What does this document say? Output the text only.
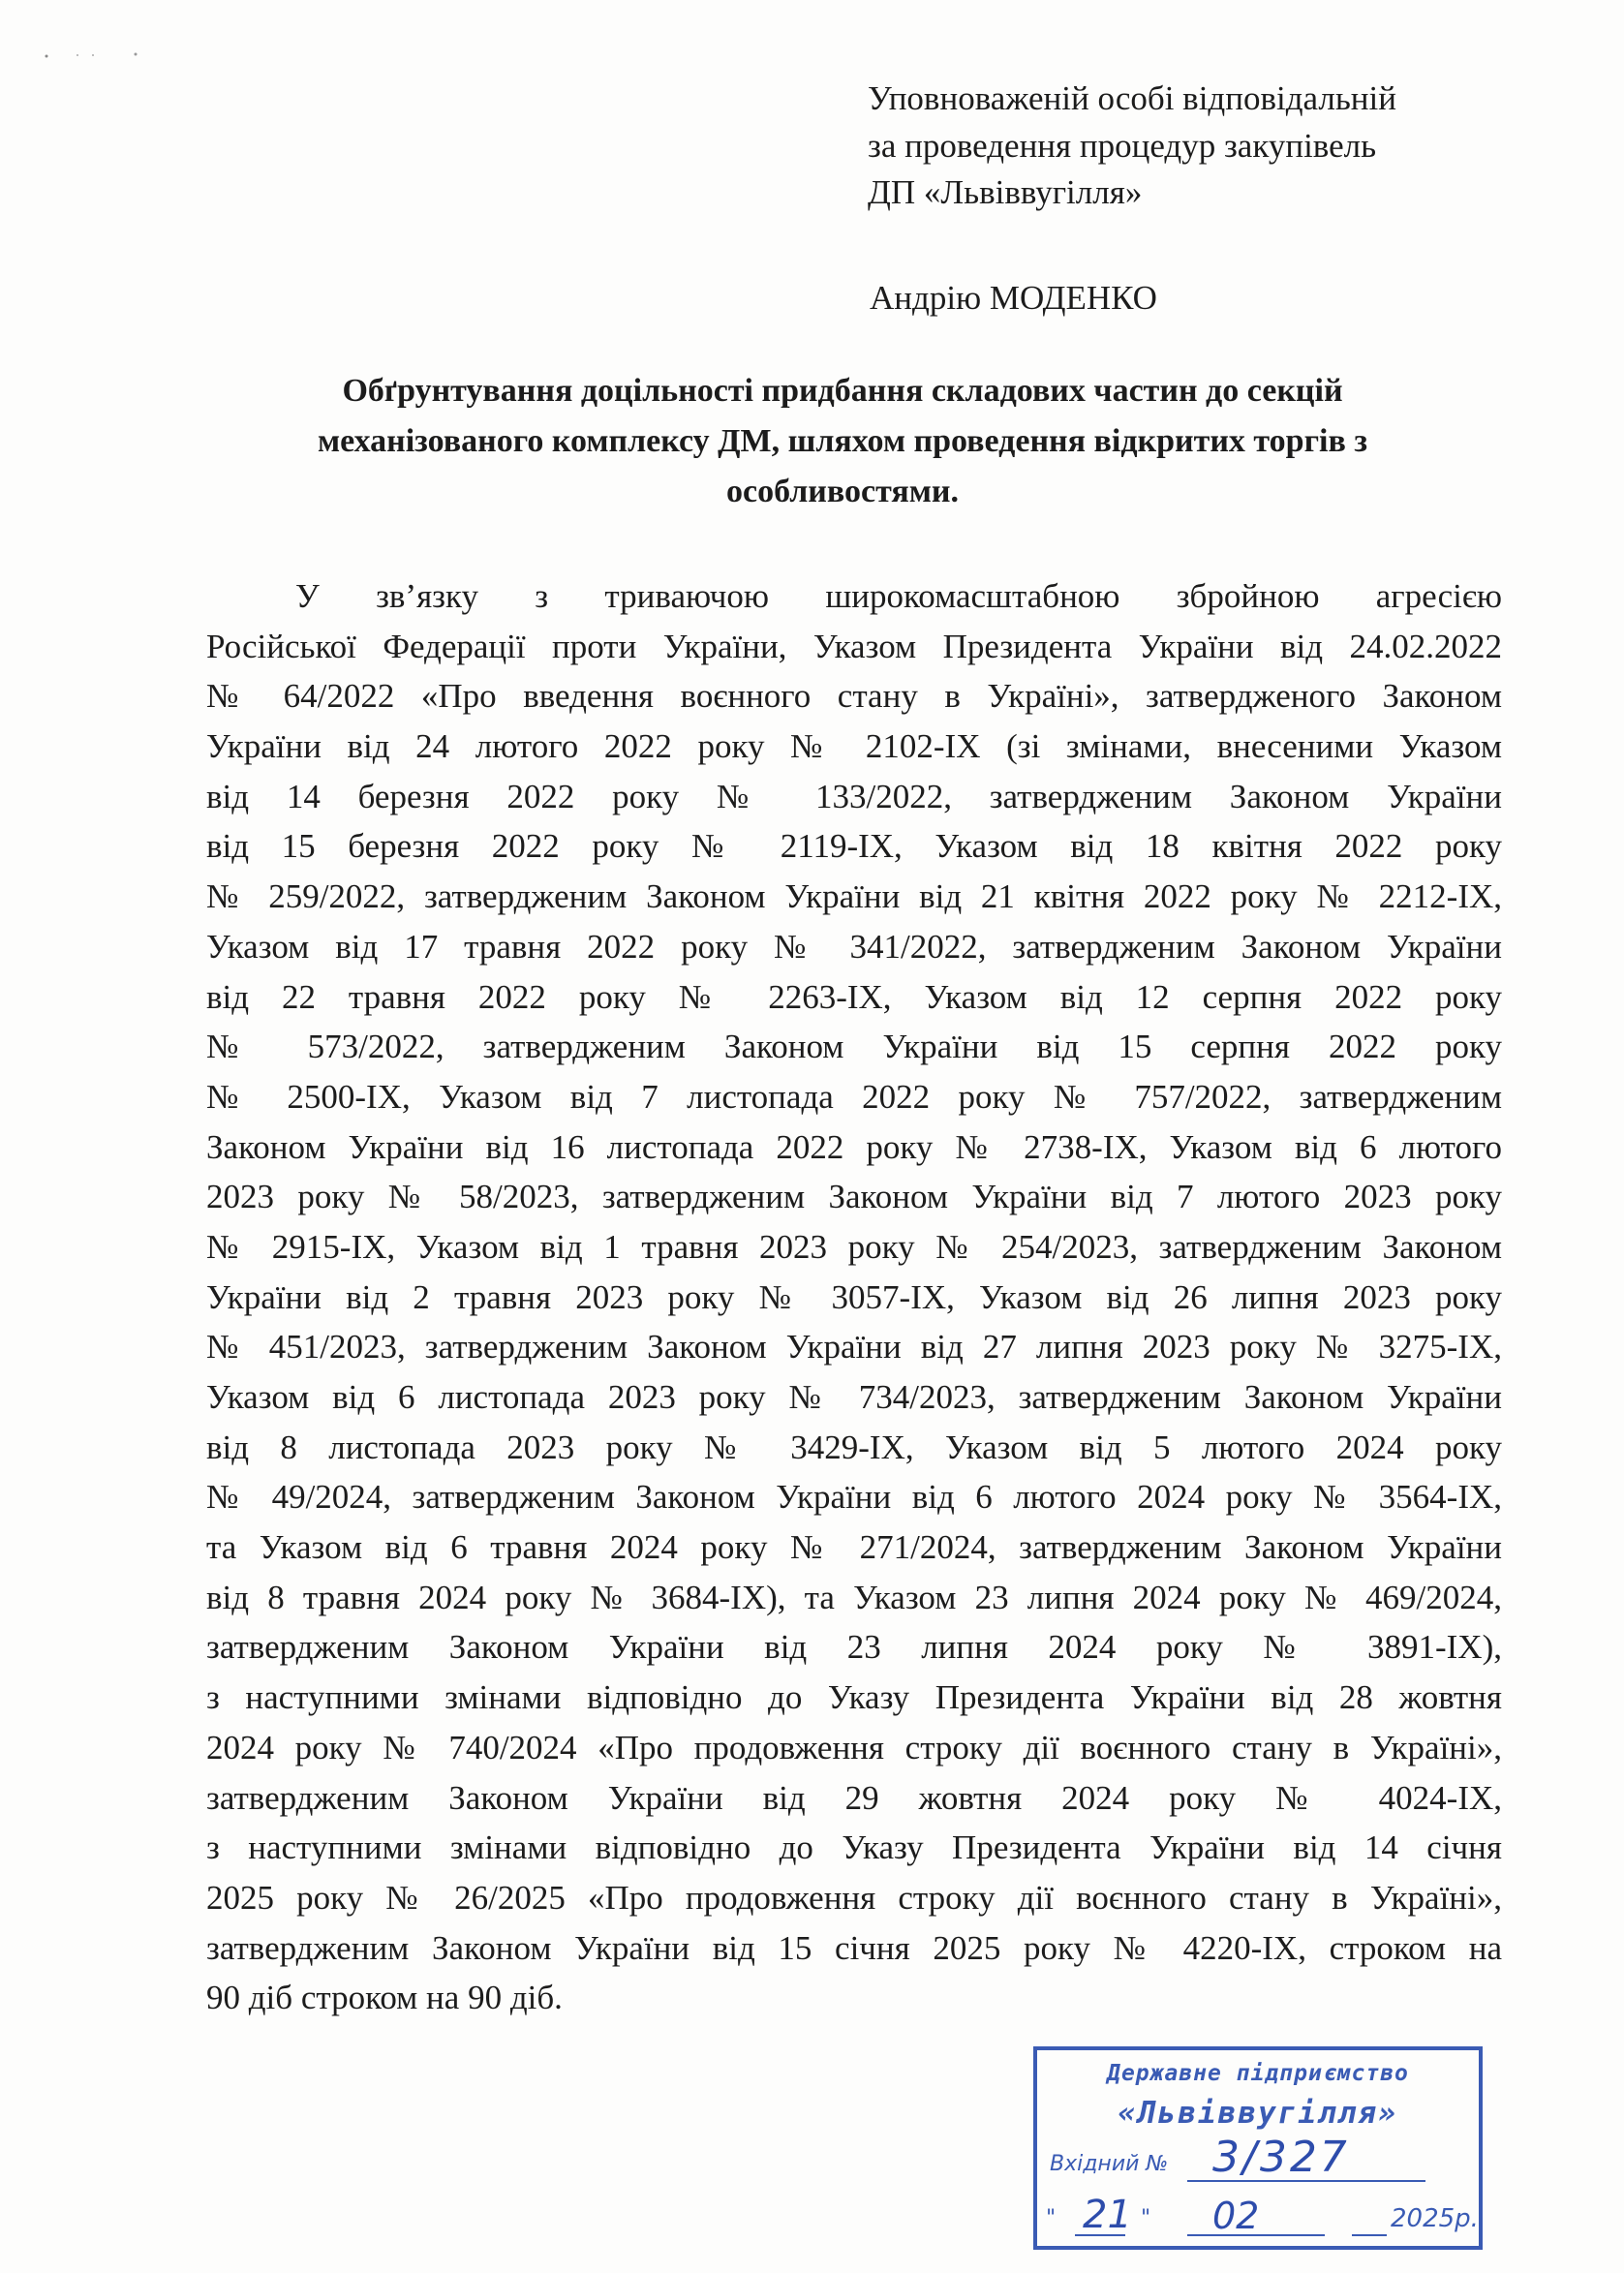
Уповноваженій особі відповідальній
за проведення процедур закупівель
ДП «Львіввугілля»
Андрію МОДЕНКО
Обґрунтування доцільності придбання складових частин до секцій
механізованого комплексу ДМ, шляхом проведення відкритих торгів з
особливостями.
У зв’язку з триваючою широкомасштабною збройною агресією
Російської Федерації проти України, Указом Президента України від 24.02.2022
№ 64/2022 «Про введення воєнного стану в Україні», затвердженого Законом
України від 24 лютого 2022 року № 2102-ІХ (зі змінами, внесеними Указом
від 14 березня 2022 року № 133/2022, затвердженим Законом України
від 15 березня 2022 року № 2119-ІХ, Указом від 18 квітня 2022 року
№ 259/2022, затвердженим Законом України від 21 квітня 2022 року № 2212-ІХ,
Указом від 17 травня 2022 року № 341/2022, затвердженим Законом України
від 22 травня 2022 року № 2263-ІХ, Указом від 12 серпня 2022 року
№ 573/2022, затвердженим Законом України від 15 серпня 2022 року
№ 2500-ІХ, Указом від 7 листопада 2022 року № 757/2022, затвердженим
Законом України від 16 листопада 2022 року № 2738-ІХ, Указом від 6 лютого
2023 року № 58/2023, затвердженим Законом України від 7 лютого 2023 року
№ 2915-ІХ, Указом від 1 травня 2023 року № 254/2023, затвердженим Законом
України від 2 травня 2023 року № 3057-ІХ, Указом від 26 липня 2023 року
№ 451/2023, затвердженим Законом України від 27 липня 2023 року № 3275-ІХ,
Указом від 6 листопада 2023 року № 734/2023, затвердженим Законом України
від 8 листопада 2023 року № 3429-ІХ, Указом від 5 лютого 2024 року
№ 49/2024, затвердженим Законом України від 6 лютого 2024 року № 3564-ІХ,
та Указом від 6 травня 2024 року № 271/2024, затвердженим Законом України
від 8 травня 2024 року № 3684-ІХ), та Указом 23 липня 2024 року № 469/2024,
затвердженим Законом України від 23 липня 2024 року № 3891-ІХ),
з наступними змінами відповідно до Указу Президента України від 28 жовтня
2024 року № 740/2024 «Про продовження строку дії воєнного стану в Україні»,
затвердженим Законом України від 29 жовтня 2024 року № 4024-ІХ,
з наступними змінами відповідно до Указу Президента України від 14 січня
2025 року № 26/2025 «Про продовження строку дії воєнного стану в Україні»,
затвердженим Законом України від 15 січня 2025 року № 4220-ІХ, строком на
90 діб строком на 90 діб.
Державне підприємство
«Львіввугілля»
Вхідний № 3/327
" 21 " 02	2025р.
